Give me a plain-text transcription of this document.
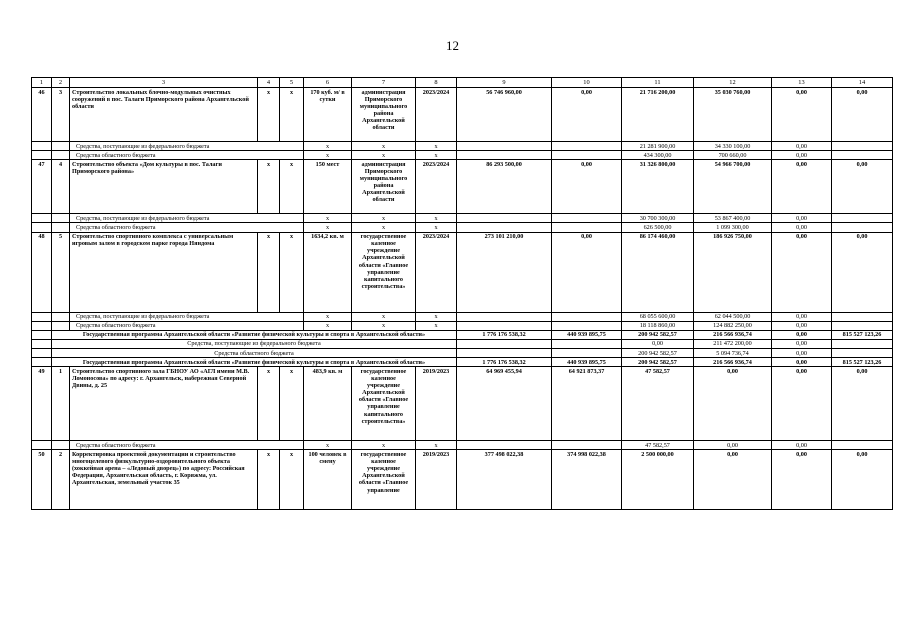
12
1	2	3	4	5	6	7	8	9	10	11	12	13	14
46	3	Строительство локальных блочно-модульных очистных сооружений в пос. Талаги Приморского района Архангельской области	х	х	170 куб. м/ в сутки	администрация Приморского муниципального района Архангельской области	2023/2024	56 746 960,00	0,00	21 716 200,00	35 030 760,00	0,00	0,00
		Средства, поступающие из федерального бюджета			х	х	х			21 281 900,00	34 330 100,00	0,00	
		Средства областного бюджета			х	х	х			434 300,00	700 660,00	0,00	
47	4	Строительство объекта «Дом культуры в пос. Талаги Приморского района»	х	х	150 мест	администрация Приморского муниципального района Архангельской области	2023/2024	86 293 500,00	0,00	31 326 800,00	54 966 700,00	0,00	0,00
		Средства, поступающие из федерального бюджета			х	х	х			30 700 300,00	53 867 400,00	0,00	
		Средства областного бюджета			х	х	х			626 500,00	1 099 300,00	0,00	
48	5	Строительство спортивного комплекса с универсальным игровым залом в городском парке города Няндома	х	х	1634,2 кв. м	государственное казенное учреждение Архангельской области «Главное управление капитального строительства»	2023/2024	273 101 210,00	0,00	86 174 460,00	186 926 750,00	0,00	0,00
		Средства, поступающие из федерального бюджета			х	х	х			68 055 600,00	62 044 500,00	0,00	
		Средства областного бюджета			х	х	х			18 118 860,00	124 882 250,00	0,00	
	Государственная программа Архангельской области «Развитие физической культуры и спорта в Архангельской области»							1 776 176 538,32	440 939 895,75	200 942 582,57	216 566 936,74	0,00	815 527 123,26
	Средства, поступающие из федерального бюджета									0,00	211 472 200,00	0,00	
	Средства областного бюджета									200 942 582,57	5 094 736,74	0,00	
	Государственная программа Архангельской области «Развитие физической культуры и спорта в Архангельской области»							1 776 176 538,32	440 939 895,75	200 942 582,57	216 566 936,74	0,00	815 527 123,26
49	1	Строительство спортивного зала ГБНОУ АО «АГЛ имени М.В. Ломоносова» по адресу: г. Архангельск, набережная Северной Двины, д. 25	х	х	483,9 кв. м	государственное казенное учреждение Архангельской области «Главное управление капитального строительства»	2019/2023	64 969 455,94	64 921 873,37	47 582,57	0,00	0,00	0,00
		Средства областного бюджета			х	х	х			47 582,57	0,00	0,00	
50	2	Корректировка проектной документации и строительство многоцелевого физкультурно-оздоровительного объекта (хоккейная арена – «Ледовый дворец») по адресу: Российская Федерация, Архангельская область, г. Коряжма, ул. Архангельская, земельный участок 35	х	х	100 человек в смену	государственное казенное учреждение Архангельской области «Главное управление	2019/2023	377 498 022,38	374 998 022,38	2 500 000,00	0,00	0,00	0,00
